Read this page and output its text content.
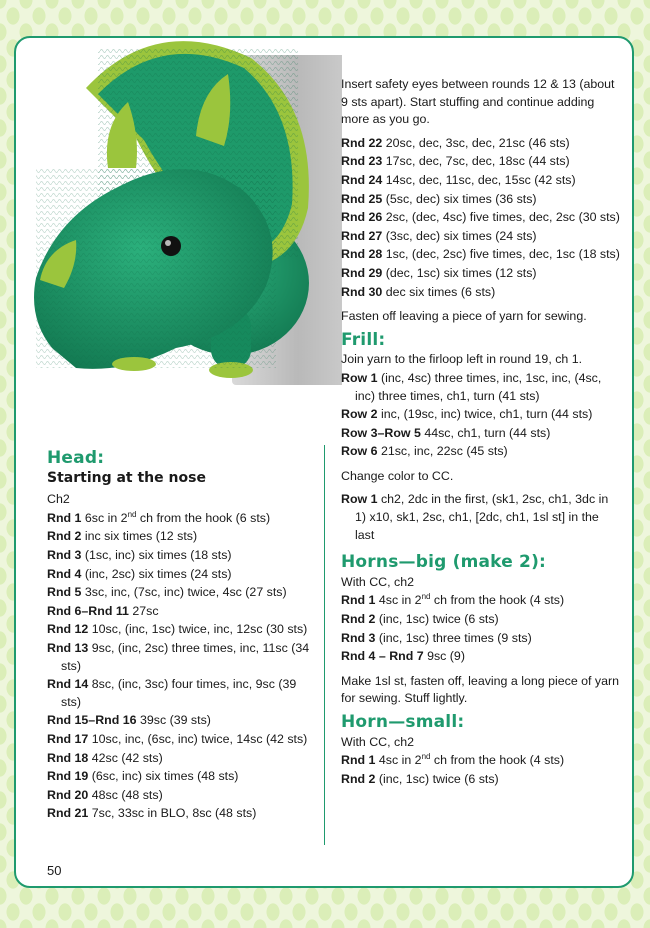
Insert safety eyes between rounds 12 & 13 (about 9 sts apart). Start stuffing and continue adding more as you go.

Rnd 22 20sc, dec, 3sc, dec, 21sc (46 sts)

Rnd 23 17sc, dec, 7sc, dec, 18sc (44 sts)

Rnd 24 14sc, dec, 11sc, dec, 15sc (42 sts)

Rnd 25 (5sc, dec) six times (36 sts)

Rnd 26 2sc, (dec, 4sc) five times, dec, 2sc (30 sts)

Rnd 27 (3sc, dec) six times (24 sts)

Rnd 28 1sc, (dec, 2sc) five times, dec, 1sc (18 sts)

Rnd 29 (dec, 1sc) six times (12 sts)

Rnd 30 dec six times (6 sts)

Fasten off leaving a piece of yarn for sewing.

Frill:

Join yarn to the firloop left in round 19, ch 1.

Row 1 (inc, 4sc) three times, inc, 1sc, inc, (4sc, inc) three times, ch1, turn (41 sts)

Row 2 inc, (19sc, inc) twice, ch1, turn (44 sts)

Row 3–Row 5 44sc, ch1, turn (44 sts)

Row 6 21sc, inc, 22sc (45 sts)

Change color to CC.

Row 1 ch2, 2dc in the first, (sk1, 2sc, ch1, 3dc in 1) x10, sk1, 2sc, ch1, [2dc, ch1, 1sl st] in the last

Horns—big (make 2):

With CC, ch2

Rnd 1 4sc in 2nd ch from the hook (4 sts)

Rnd 2 (inc, 1sc) twice (6 sts)

Rnd 3 (inc, 1sc) three times (9 sts)

Rnd 4 – Rnd 7 9sc (9)

Make 1sl st, fasten off, leaving a long piece of yarn for sewing. Stuff lightly.

Horn—small:

With CC, ch2

Rnd 1 4sc in 2nd ch from the hook (4 sts)

Rnd 2 (inc, 1sc) twice (6 sts)

Head:
Starting at the nose

Ch2

Rnd 1 6sc in 2nd ch from the hook (6 sts)

Rnd 2 inc six times (12 sts)

Rnd 3 (1sc, inc) six times (18 sts)

Rnd 4 (inc, 2sc) six times (24 sts)

Rnd 5 3sc, inc, (7sc, inc) twice, 4sc (27 sts)

Rnd 6–Rnd 11 27sc

Rnd 12 10sc, (inc, 1sc) twice, inc, 12sc (30 sts)

Rnd 13 9sc, (inc, 2sc) three times, inc, 11sc (34 sts)

Rnd 14 8sc, (inc, 3sc) four times, inc, 9sc (39 sts)

Rnd 15–Rnd 16 39sc (39 sts)

Rnd 17 10sc, inc, (6sc, inc) twice, 14sc (42 sts)

Rnd 18 42sc (42 sts)

Rnd 19 (6sc, inc) six times (48 sts)

Rnd 20 48sc (48 sts)

Rnd 21 7sc, 33sc in BLO, 8sc (48 sts)

50
